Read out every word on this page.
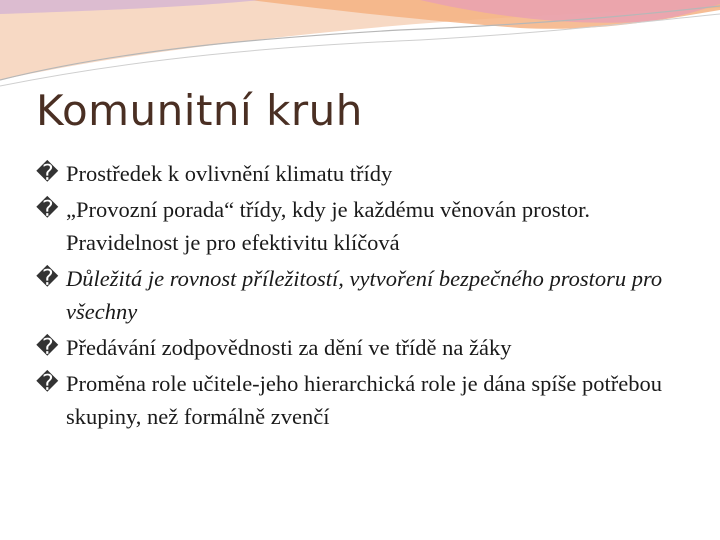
Komunitní kruh
� Prostředek k ovlivnění klimatu třídy
� „Provozní porada“ třídy, kdy je každému věnován prostor. Pravidelnost je pro efektivitu klíčová
� Důležitá je rovnost příležitostí, vytvoření bezpečného prostoru pro všechny
� Předávání zodpovědnosti za dění ve třídě na žáky
� Proměna role učitele-jeho hierarchická role je dána spíše potřebou skupiny, než formálně zvenčí
